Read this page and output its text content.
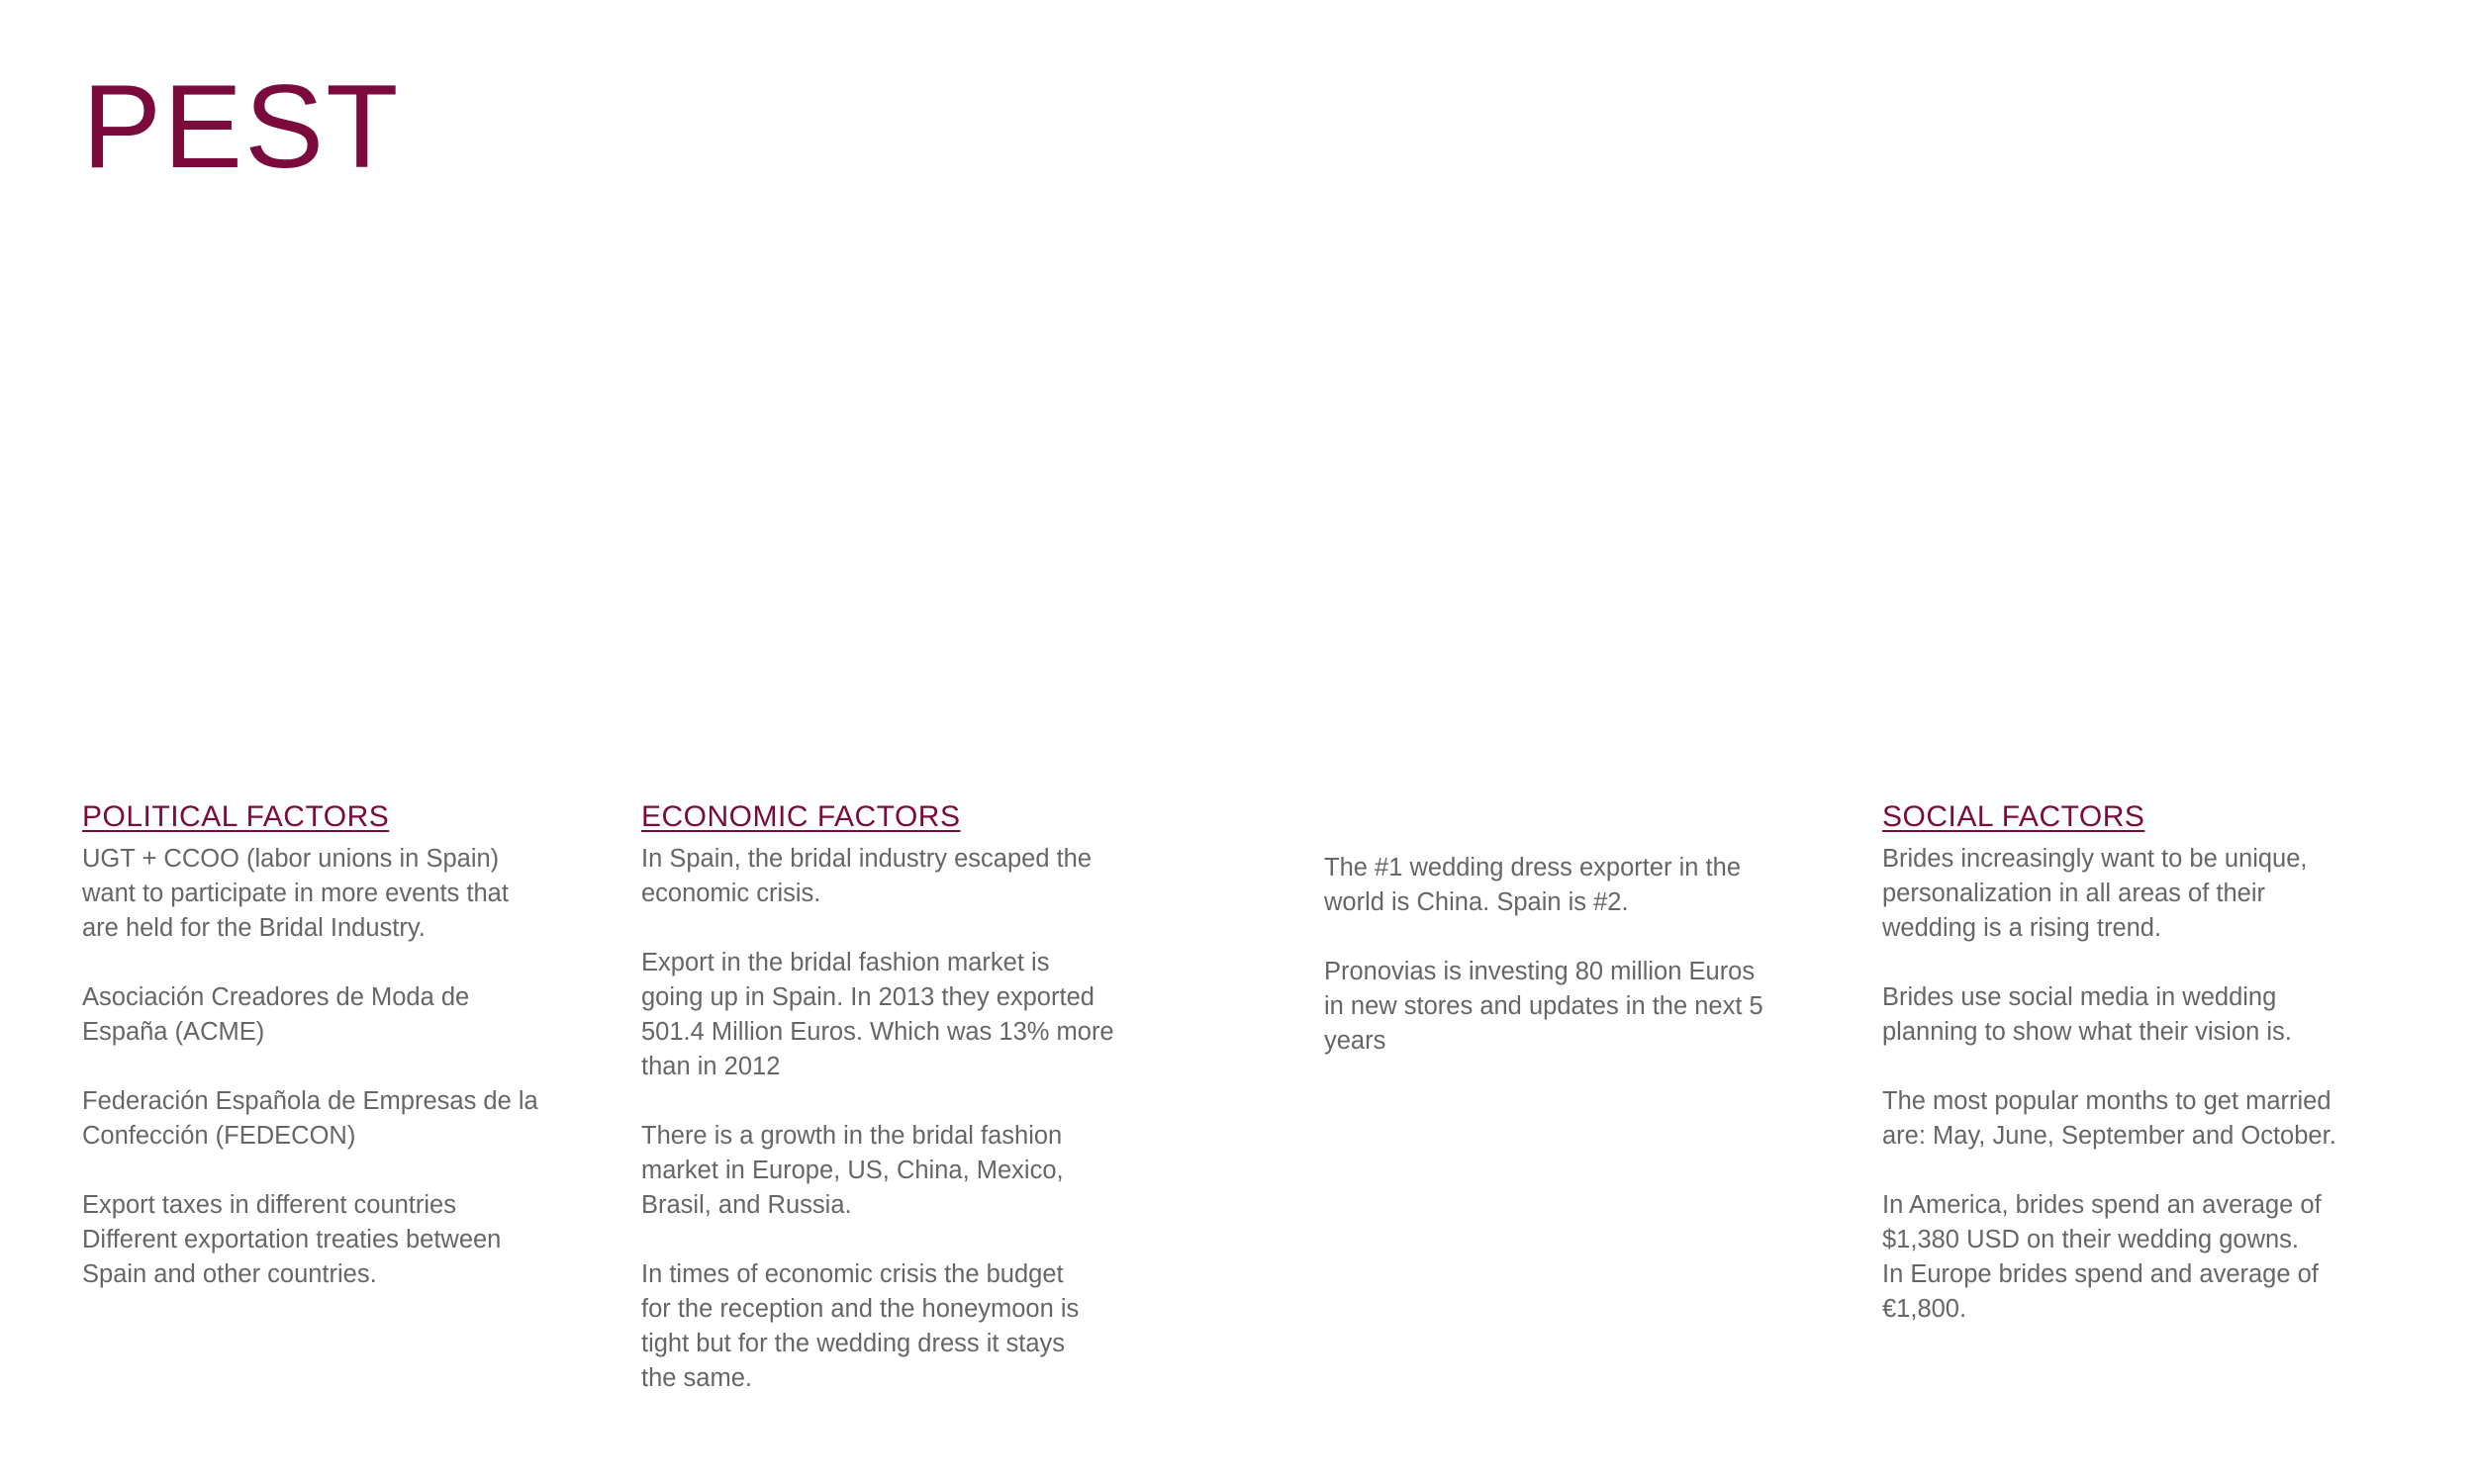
PEST
POLITICAL FACTORS

UGT + CCOO (labor unions in Spain)
want to participate in more events that
are held for the Bridal Industry.

Asociación Creadores de Moda de
España (ACME)

Federación Española de Empresas de la
Confección (FEDECON)

Export taxes in different countries
Different exportation treaties between
Spain and other countries.

ECONOMIC FACTORS

In Spain, the bridal industry escaped the
economic crisis.

Export in the bridal fashion market is
going up in Spain. In 2013 they exported
501.4 Million Euros. Which was 13% more
than in 2012

There is a growth in the bridal fashion
market in Europe, US, China, Mexico,
Brasil, and Russia.

In times of economic crisis the budget
for the reception and the honeymoon is
tight but for the wedding dress it stays
the same.

The #1 wedding dress exporter in the
world is China. Spain is #2.

Pronovias is investing 80 million Euros
in new stores and updates in the next 5
years

SOCIAL FACTORS

Brides increasingly want to be unique,
personalization in all areas of their
wedding is a rising trend.

Brides use social media in wedding
planning to show what their vision is.

The most popular months to get married
are: May, June, September and October.

In America, brides spend an average of
$1,380 USD on their wedding gowns.
In Europe brides spend and average of
€1,800.
